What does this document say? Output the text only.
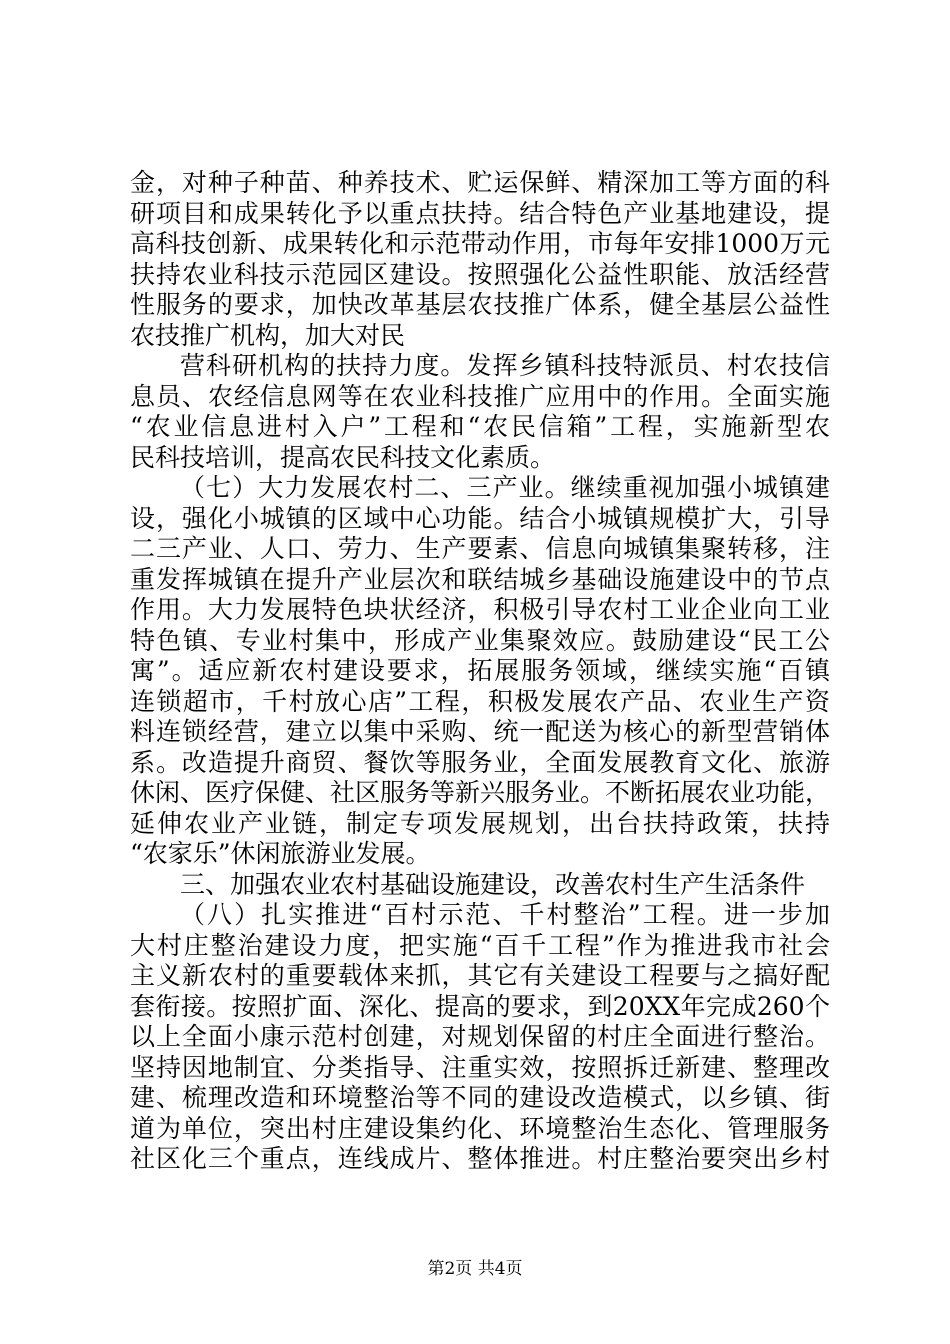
金，对种子种苗、种养技术、贮运保鲜、精深加工等方面的科
研项目和成果转化予以重点扶持。结合特色产业基地建设，提
高科技创新、成果转化和示范带动作用，市每年安排1000万元
扶持农业科技示范园区建设。按照强化公益性职能、放活经营
性服务的要求，加快改革基层农技推广体系，健全基层公益性
农技推广机构，加大对民
营科研机构的扶持力度。发挥乡镇科技特派员、村农技信
息员、农经信息网等在农业科技推广应用中的作用。全面实施
“农业信息进村入户”工程和“农民信箱”工程，实施新型农
民科技培训，提高农民科技文化素质。
（七）大力发展农村二、三产业。继续重视加强小城镇建
设，强化小城镇的区域中心功能。结合小城镇规模扩大，引导
二三产业、人口、劳力、生产要素、信息向城镇集聚转移，注
重发挥城镇在提升产业层次和联结城乡基础设施建设中的节点
作用。大力发展特色块状经济，积极引导农村工业企业向工业
特色镇、专业村集中，形成产业集聚效应。鼓励建设“民工公
寓”。适应新农村建设要求，拓展服务领域，继续实施“百镇
连锁超市，千村放心店”工程，积极发展农产品、农业生产资
料连锁经营，建立以集中采购、统一配送为核心的新型营销体
系。改造提升商贸、餐饮等服务业，全面发展教育文化、旅游
休闲、医疗保健、社区服务等新兴服务业。不断拓展农业功能，
延伸农业产业链，制定专项发展规划，出台扶持政策，扶持
“农家乐”休闲旅游业发展。
三、加强农业农村基础设施建设，改善农村生产生活条件
（八）扎实推进“百村示范、千村整治”工程。进一步加
大村庄整治建设力度，把实施“百千工程”作为推进我市社会
主义新农村的重要载体来抓，其它有关建设工程要与之搞好配
套衔接。按照扩面、深化、提高的要求，到20XX年完成260个
以上全面小康示范村创建，对规划保留的村庄全面进行整治。
坚持因地制宜、分类指导、注重实效，按照拆迁新建、整理改
建、梳理改造和环境整治等不同的建设改造模式，以乡镇、街
道为单位，突出村庄建设集约化、环境整治生态化、管理服务
社区化三个重点，连线成片、整体推进。村庄整治要突出乡村
第2页 共4页
